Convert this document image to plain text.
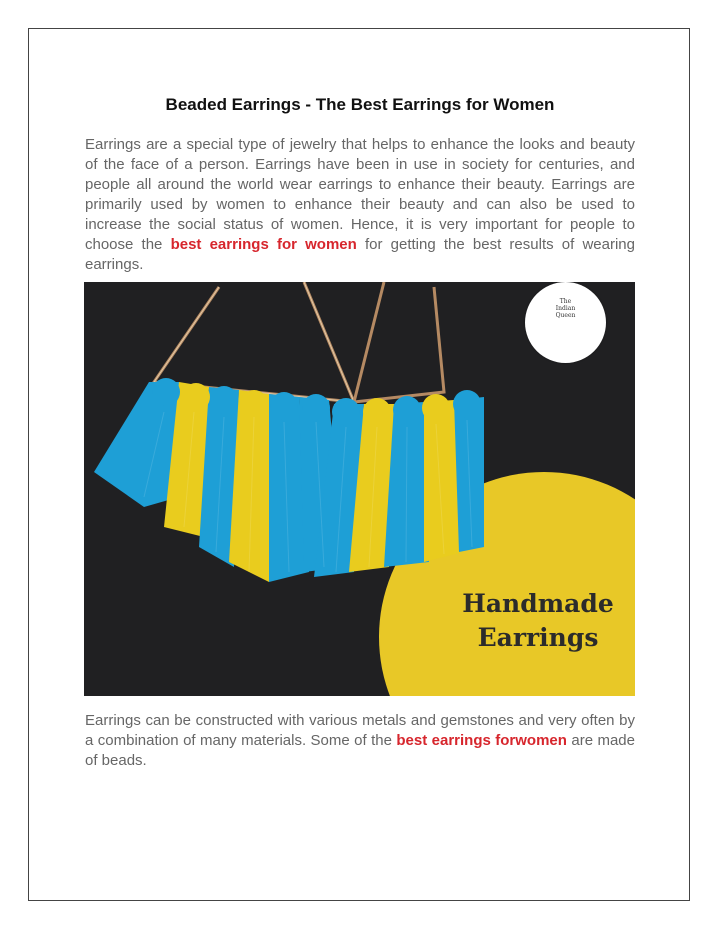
Beaded Earrings - The Best Earrings for Women

Earrings are a special type of jewelry that helps to enhance the looks and beauty of the face of a person. Earrings have been in use in society for centuries, and people all around the world wear earrings to enhance their beauty. Earrings are primarily used by women to enhance their beauty and can also be used to increase the social status of women. Hence, it is very important for people to choose the best earrings for women for getting the best results of wearing earrings.

The
Indian
Queen
Handmade
Earrings

Earrings can be constructed with various metals and gemstones and very often by a combination of many materials. Some of the best earrings forwomen are made of beads.
